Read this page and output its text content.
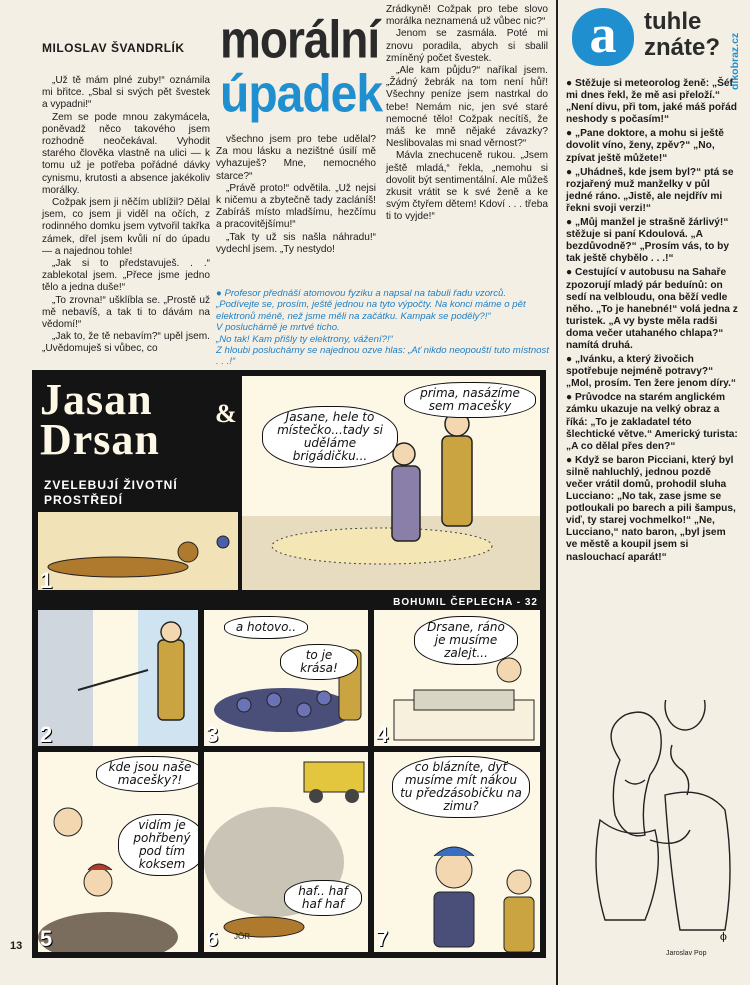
MILOSLAV ŠVANDRLÍK morální
úpadek

„Už tě mám plné zuby!“ oznámila mi břitce. „Sbal si svých pět švestek a vypadni!“

Zem se pode mnou zakymácela, poněvadž něco takového jsem rozhodně neočekával. Vyhodit starého člověka vlastně na ulici — k tomu už je potřeba pořádné dávky cynismu, krutosti a absence jakékoliv morálky.

Cožpak jsem ji něčím ublížil? Dělal jsem, co jsem ji viděl na očích, z rodinného domku jsem vytvořil takřka zámek, dřel jsem kvůli ní do úpadu — a najednou tohle!

„Jak si to představuješ. . .“ zablekotal jsem. „Přece jsme jedno tělo a jedna duše!“

„To zrovna!“ ušklíbla se. „Prostě už mě nebavíš, a tak ti to dávám na vědomí!“

„Jak to, že tě nebavím?“ upěl jsem. „Uvědomuješ si vůbec, co

všechno jsem pro tebe udělal? Za mou lásku a nezištné úsilí mě vyhazuješ? Mne, nemocného starce?“

„Právě proto!“ odvětila. „Už nejsi k ničemu a zbytečně tady zacláníš! Zabíráš místo mladšímu, hezčímu a pracovitějšímu!“

„Tak ty už sis našla náhradu!“ vydechl jsem. „Ty nestydo!

Zrádkyně! Cožpak pro tebe slovo morálka neznamená už vůbec nic?“

Jenom se zasmála. Poté mi znovu poradila, abych si sbalil zmíněný počet švestek.

„Ale kam půjdu?“ naříkal jsem. „Žádný žebrák na tom není hůř! Všechny peníze jsem nastrkal do tebe! Nemám nic, jen své staré nemocné tělo! Cožpak necítíš, že máš ke mně nějaké závazky? Neslibovalas mi snad věrnost?“

Mávla znechuceně rukou. „Jsem ještě mladá,“ řekla, „nemohu si dovolit být sentimentální. Ale můžeš zkusit vrátit se k své ženě a ke svým čtyřem dětem! Kdoví . . . třeba ti to vyjde!“

● Profesor přednáší atomovou fyziku a napsal na tabuli řadu vzorců.

„Podívejte se, prosím, ještě jednou na tyto výpočty. Na konci máme o pět elektronů méně, než jsme měli na začátku. Kampak se poděly?!“

V posluchárně je mrtvé ticho.

„No tak! Kam přišly ty elektrony, vážení?!“

Z hloubi posluchárny se najednou ozve hlas: „Ať nikdo neopouští tuto místnost . . .!“

a	tuhle
znáte? dikobraz.cz

● Stěžuje si meteorolog ženě: „Šéf mi dnes řekl, že mě asi přeloží.“ „Není divu, při tom, jaké máš pořád neshody s počasím!“

● „Pane doktore, a mohu si ještě dovolit víno, ženy, zpěv?“ „No, zpívat ještě můžete!“

● „Uhádneš, kde jsem byl?“ ptá se rozjařený muž manželky v půl jedné ráno. „Jistě, ale nejdřív mi řekni svoji verzi!“

● „Můj manžel je strašně žárlivý!“ stěžuje si paní Kdoulová. „A bezdůvodně?“ „Prosím vás, to by tak ještě chybělo . . .!“

● Cestující v autobusu na Sahaře zpozorují mladý pár beduínů: on sedí na velbloudu, ona běží vedle něho. „To je hanebné!“ volá jedna z turistek. „A vy byste měla radši doma večer utahaného chlapa?“ namítá druhá.

● „Ivánku, a který živočich spotřebuje nejméně potravy?“ „Mol, prosím. Ten žere jenom díry.“

● Průvodce na starém anglickém zámku ukazuje na velký obraz a říká: „To je zakladatel této šlechtické větve.“ Americký turista: „A co dělal přes den?“

● Když se baron Picciani, který byl silně nahluchlý, jednou pozdě večer vrátil domů, prohodil sluha Lucciano: „No tak, zase jsme se potloukali po barech a pili šampus, viď, ty starej vochmelko!“ „Ne, Lucciano,“ nato baron, „byl jsem ve městě a koupil jsem si naslouchací aparát!“

ϕ
Jasan &
Drsan
ZVELEBUJÍ ŽIVOTNÍ
PROSTŘEDÍ
BOHUMIL ČEPLECHA - 32
Jasane, hele to místečko...tady si uděláme brigádičku...
prima, nasázíme sem macešky
1
2
a hotovo..
to je krása!
3
Drsane, ráno je musíme zalejt...
4
kde jsou naše macešky?!
vidím je pohřbený pod tím koksem
5
haf.. haf haf haf
JÖR
6
co blázníte, dyť musíme mít nákou tu předzásobičku na zimu?
7
13
Jaroslav Pop
